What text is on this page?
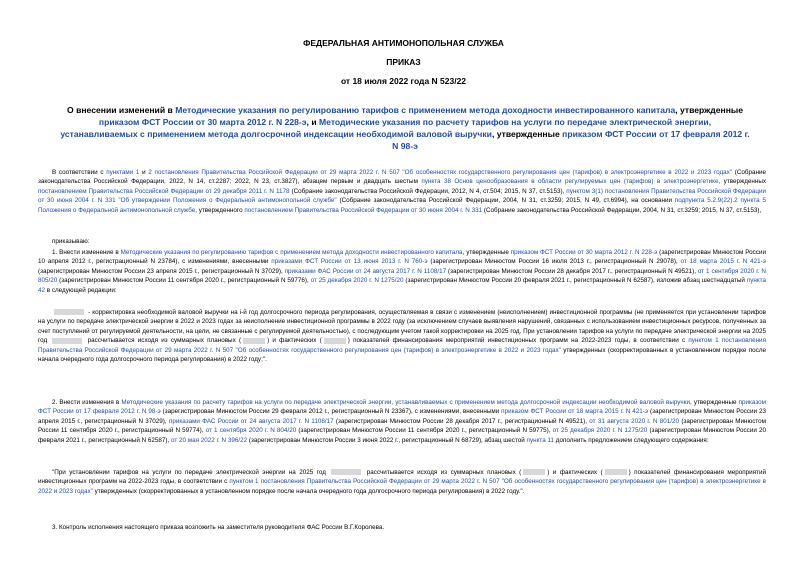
ФЕДЕРАЛЬНАЯ АНТИМОНОПОЛЬНАЯ СЛУЖБА
ПРИКАЗ
от 18 июля 2022 года N 523/22
О внесении изменений в Методические указания по регулированию тарифов с применением метода доходности инвестированного капитала, утвержденные приказом ФСТ России от 30 марта 2012 г. N 228-э, и Методические указания по расчету тарифов на услуги по передаче электрической энергии, устанавливаемых с применением метода долгосрочной индексации необходимой валовой выручки, утвержденные приказом ФСТ России от 17 февраля 2012 г. N 98-э
В соответствии с пунктами 1 и 2 постановления Правительства Российской Федерации от 29 марта 2022 г. N 507 "Об особенностях государственного регулирования цен (тарифов) в электроэнергетике в 2022 и 2023 годах" (Собрание законодательства Российской Федерации, 2022, N 14, ст.2287; 2022, N 23, ст.3827), абзацем первым и двадцать шестым пункта 38 Основ ценообразования в области регулируемых цен (тарифов) в электроэнергетике, утвержденных постановлением Правительства Российской Федерации от 29 декабря 2011 г. N 1178 (Собрание законодательства Российской Федерации, 2012, N 4, ст.504; 2015, N 37, ст.5153), пунктом 3(1) постановления Правительства Российской Федерации от 30 июня 2004 г. N 331 "Об утверждении Положения о Федеральной антимонопольной службе" (Собрание законодательства Российской Федерации, 2004, N 31, ст.3259; 2015, N 49, ст.6994), на основании подпункта 5.2.9(22).2 пункта 5 Положения о Федеральной антимонопольной службе, утвержденного постановлением Правительства Российской Федерации от 30 июня 2004 г. N 331 (Собрание законодательства Российской Федерации, 2004, N 31, ст.3259; 2015, N 37, ст.5153),
приказываю:
1. Внести изменение в Методические указания по регулированию тарифов с применением метода доходности инвестированного капитала, утвержденные приказом ФСТ России от 30 марта 2012 г. N 228-э (зарегистрирован Минюстом России 10 апреля 2012 г., регистрационный N 23784), с изменениями, внесенными приказами ФСТ России от 13 июня 2013 г. N 760-э (зарегистрирован Минюстом России 16 июля 2013 г., регистрационный N 29078), от 18 марта 2015 г. N 421-э (зарегистрирован Минюстом России 23 апреля 2015 г., регистрационный N 37029), приказами ФАС России от 24 августа 2017 г. N 1108/17 (зарегистрирован Минюстом России 28 декабря 2017 г., регистрационный N 49521), от 1 сентября 2020 г. N 805/20 (зарегистрирован Минюстом России 11 сентября 2020 г., регистрационный N 59776), от 25 декабря 2020 г. N 1275/20 (зарегистрирован Минюстом России 20 февраля 2021 г., регистрационный N 62587), изложив абзац шестнадцатый пункта 42 в следующей редакции:
- корректировка необходимой валовой выручки на i-й год долгосрочного периода регулирования, осуществляемая в связи с изменением (неисполнением) инвестиционной программы (не применяется при установлении тарифов на услуги по передаче электрической энергии в 2022 и 2023 годах за неисполнение инвестиционной программы в 2022 году (за исключением случаев выявления нарушений, связанных с использованием инвестиционных ресурсов, полученных за счет поступлений от регулируемой деятельности, на цели, не связанные с регулируемой деятельностью), с последующим учетом такой корректировки на 2025 год. При установлении тарифов на услуги по передаче электрической энергии на 2025 год	рассчитывается исходя из суммарных плановых (	) и фактических (	) показателей финансирования мероприятий инвестиционных программ на 2022-2023 годы, в соответствии с пунктом 1 постановления Правительства Российской Федерации от 29 марта 2022 г. N 507 "Об особенностях государственного регулирования цен (тарифов) в электроэнергетике в 2022 и 2023 годах" утвержденных (скорректированных в установленном порядке после начала очередного года долгосрочного периода регулирования) в 2022 году;".
2. Внести изменения в Методические указания по расчету тарифов на услуги по передаче электрической энергии, устанавливаемых с применением метода долгосрочной индексации необходимой валовой выручки, утвержденные приказом ФСТ России от 17 февраля 2012 г. N 98-э (зарегистрирован Минюстом России 29 февраля 2012 г., регистрационный N 23367), с изменениями, внесенными приказом ФСТ России от 18 марта 2015 г. N 421-э (зарегистрирован Минюстом России 23 апреля 2015 г., регистрационный N 37029), приказами ФАС России от 24 августа 2017 г. N 1108/17 (зарегистрирован Минюстом России 28 декабря 2017 г., регистрационный N 49521), от 31 августа 2020 г. N 801/20 (зарегистрирован Минюстом России 11 сентября 2020 г., регистрационный N 59774), от 1 сентября 2020 г. N 804/20 (зарегистрирован Минюстом России 11 сентября 2020 г., регистрационный N 59775), от 25 декабря 2020 г. N 1275/20 (зарегистрирован Минюстом России 20 февраля 2021 г., регистрационный N 62587), от 20 мая 2022 г. N 396/22 (зарегистрирован Минюстом России 3 июня 2022 г., регистрационный N 68729), абзац шестой пункта 11 дополнить предложением следующего содержания:
"При установлении тарифов на услуги по передаче электрической энергии на 2025 год	рассчитывается исходя из суммарных плановых (	) и фактических (	) показателей финансирования мероприятий инвестиционных программ на 2022-2023 годы, в соответствии с пунктом 1 постановления Правительства Российской Федерации от 29 марта 2022 г. N 507 "Об особенностях государственного регулирования цен (тарифов) в электроэнергетике в 2022 и 2023 годах" утвержденных (скорректированных в установленном порядке после начала очередного года долгосрочного периода регулирования) в 2022 году.".
3. Контроль исполнения настоящего приказа возложить на заместителя руководителя ФАС России В.Г.Королева.
